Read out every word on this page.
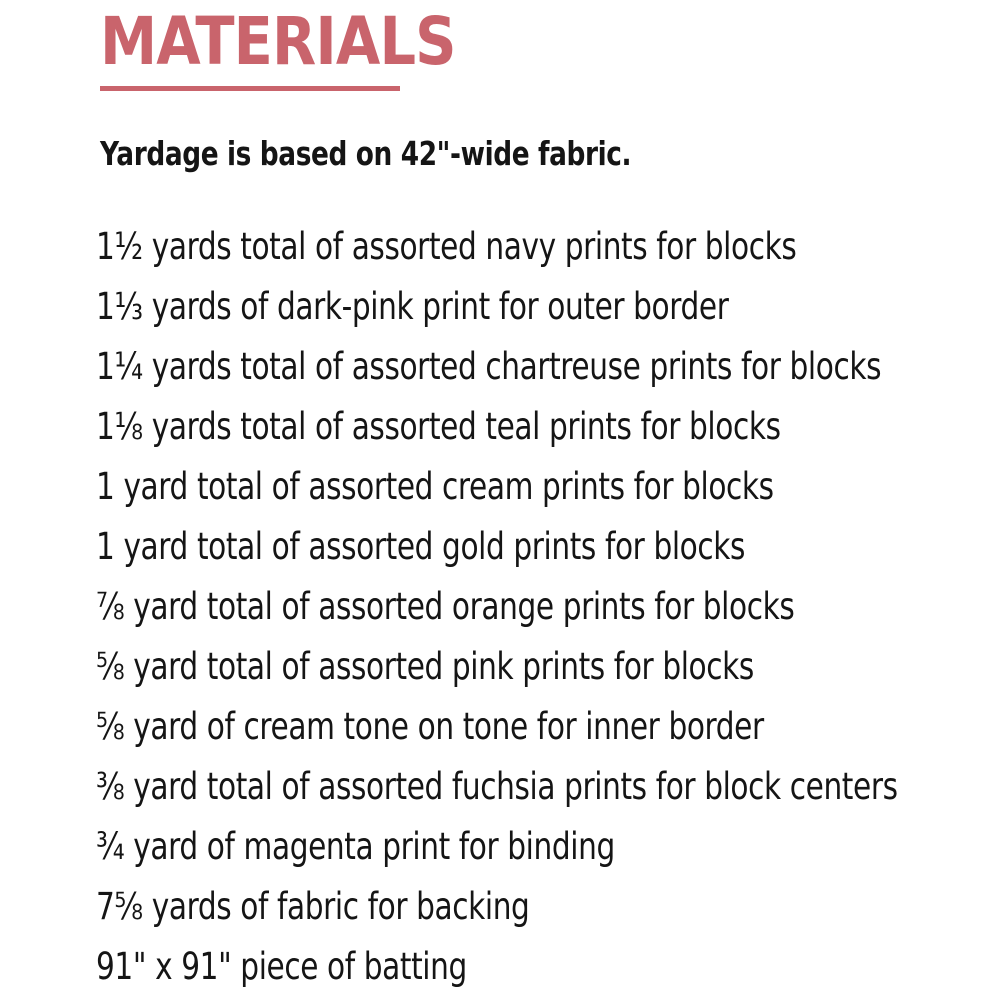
MATERIALS
Yardage is based on 42"-wide fabric.
1½ yards total of assorted navy prints for blocks
1⅓ yards of dark-pink print for outer border
1¼ yards total of assorted chartreuse prints for blocks
1⅛ yards total of assorted teal prints for blocks
1 yard total of assorted cream prints for blocks
1 yard total of assorted gold prints for blocks
⅞ yard total of assorted orange prints for blocks
⅝ yard total of assorted pink prints for blocks
⅝ yard of cream tone on tone for inner border
⅜ yard total of assorted fuchsia prints for block centers
¾ yard of magenta print for binding
7⅝ yards of fabric for backing
91" x 91" piece of batting
